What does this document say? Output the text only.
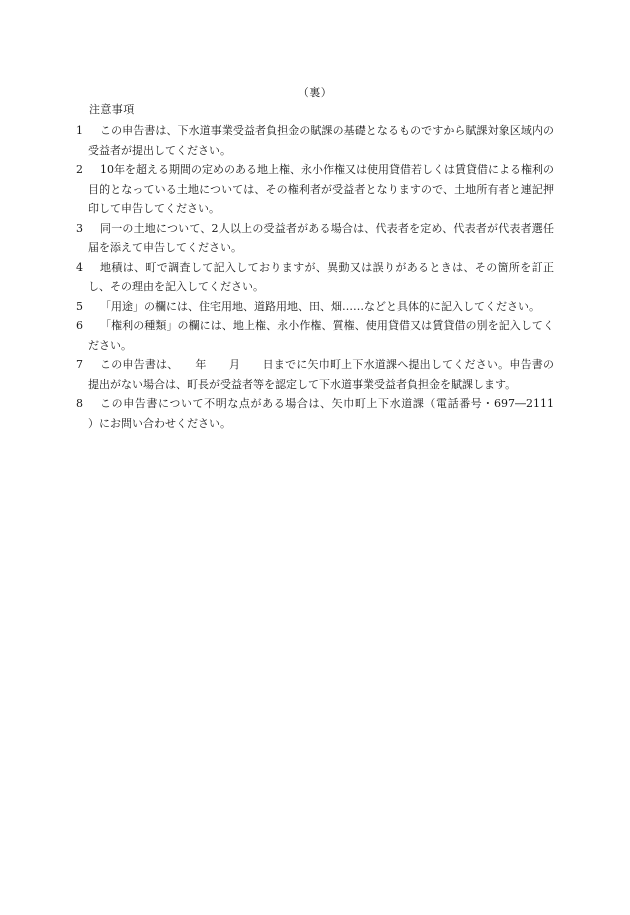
（裏）
注意事項
1	この申告書は、下水道事業受益者負担金の賦課の基礎となるものですから賦課対象区域内の受益者が提出してください。
2	10年を超える期間の定めのある地上権、永小作権又は使用貸借若しくは賃貸借による権利の目的となっている土地については、その権利者が受益者となりますので、土地所有者と連記押印して申告してください。
3	同一の土地について、2人以上の受益者がある場合は、代表者を定め、代表者が代表者選任届を添えて申告してください。
4	地積は、町で調査して記入しておりますが、異動又は誤りがあるときは、その箇所を訂正し、その理由を記入してください。
5	「用途」の欄には、住宅用地、道路用地、田、畑……などと具体的に記入してください。
6	「権利の種類」の欄には、地上権、永小作権、質権、使用貸借又は賃貸借の別を記入してください。
7	この申告書は、　　年　　月　　日までに矢巾町上下水道課へ提出してください。申告書の提出がない場合は、町長が受益者等を認定して下水道事業受益者負担金を賦課します。
8	この申告書について不明な点がある場合は、矢巾町上下水道課（電話番号・697―2111　　　　）にお問い合わせください。
